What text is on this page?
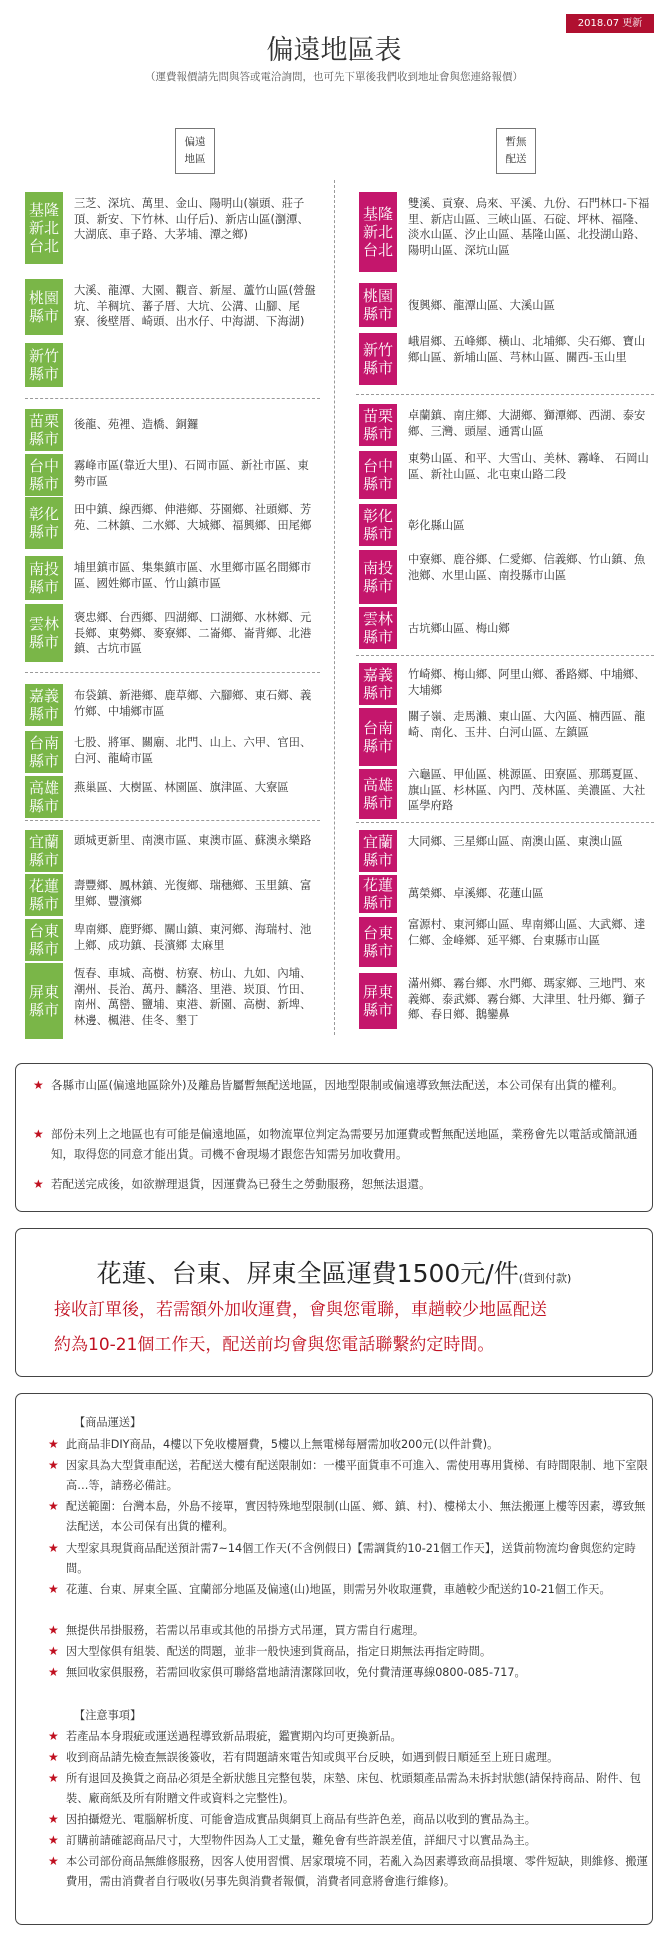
2018.07 更新
偏遠地區表
（運費報價請先問與答或電洽詢問，也可先下單後我們收到地址會與您連絡報價）
偏遠
地區
暫無
配送
基隆
新北
台北
三芝、深坑、萬里、金山、陽明山(嶺頭、莊子頂、新安、下竹林、山仔后)、新店山區(瀏潭、大湖底、車子路、大茅埔、潭之鄉)
桃園
縣市
大溪、龍潭、大園、觀音、新屋、蘆竹山區(營盤坑、羊稠坑、蕃子厝、大坑、公溝、山腳、尾寮、後壁厝、崎頭、出水仔、中海湖、下海湖)
新竹
縣市
苗栗
縣市
後龍、苑裡、造橋、銅鑼
台中
縣市
霧峰市區(靠近大里)、石岡市區、新社市區、東勢市區
彰化
縣市
田中鎮、線西鄉、伸港鄉、芬園鄉、社頭鄉、芳苑、二林鎮、二水鄉、大城鄉、福興鄉、田尾鄉
南投
縣市
埔里鎮市區、集集鎮市區、水里鄉市區名間鄉市區、國姓鄉市區、竹山鎮市區
雲林
縣市
褒忠鄉、台西鄉、四湖鄉、口湖鄉、水林鄉、元長鄉、東勢鄉、麥寮鄉、二崙鄉、崙背鄉、北港鎮、古坑市區
嘉義
縣市
布袋鎮、新港鄉、鹿草鄉、六腳鄉、東石鄉、義竹鄉、中埔鄉市區
台南
縣市
七股、將軍、關廟、北門、山上、六甲、官田、白河、龍崎市區
高雄
縣市
燕巢區、大樹區、林園區、旗津區、大寮區
宜蘭
縣市
頭城更新里、南澳市區、東澳市區、蘇澳永樂路
花蓮
縣市
壽豐鄉、鳳林鎮、光復鄉、瑞穗鄉、玉里鎮、富里鄉、豐濱鄉
台東
縣市
卑南鄉、鹿野鄉、關山鎮、東河鄉、海瑞村、池上鄉、成功鎮、長濱鄉 太麻里
屏東
縣市
恆春、車城、高樹、枋寮、枋山、九如、內埔、潮州、長治、萬丹、麟洛、里港、崁頂、竹田、南州、萬巒、鹽埔、東港、新園、高樹、新埤、林邊、楓港、佳冬、墾丁
基隆
新北
台北
雙溪、貢寮、烏來、平溪、九份、石門林口-下福里、新店山區、三峽山區、石碇、坪林、福隆、淡水山區、汐止山區、基隆山區、北投湖山路、陽明山區、深坑山區
桃園
縣市 復興鄉、龍潭山區、大溪山區
新竹
縣市
峨眉鄉、五峰鄉、橫山、北埔鄉、尖石鄉、寶山鄉山區、新埔山區、芎林山區、關西-玉山里
苗栗
縣市
卓蘭鎮、南庄鄉、大湖鄉、獅潭鄉、西湖、泰安鄉、三灣、頭屋、通霄山區
台中
縣市
東勢山區、和平、大雪山、美林、霧峰、 石岡山區、新社山區、北屯東山路二段
彰化
縣市 彰化縣山區
南投
縣市
中寮鄉、鹿谷鄉、仁愛鄉、信義鄉、竹山鎮、魚池鄉、水里山區、南投縣市山區
雲林
縣市 古坑鄉山區、梅山鄉
嘉義
縣市
竹崎鄉、梅山鄉、阿里山鄉、番路鄉、中埔鄉、大埔鄉
台南
縣市
關子嶺、走馬瀨、東山區、大內區、楠西區、龍崎、南化、玉井、白河山區、左鎮區
高雄
縣市
六龜區、甲仙區、桃源區、田寮區、那瑪夏區、旗山區、杉林區、內門、茂林區、美濃區、大社區學府路
宜蘭
縣市
大同鄉、三星鄉山區、南澳山區、東澳山區
花蓮
縣市
萬榮鄉、卓溪鄉、花蓮山區
台東
縣市
富源村、東河鄉山區、卑南鄉山區、大武鄉、達仁鄉、金峰鄉、延平鄉、台東縣市山區
屏東
縣市
滿州鄉、霧台鄉、水門鄉、瑪家鄉、三地門、來義鄉、泰武鄉、霧台鄉、大津里、牡丹鄉、獅子鄉、春日鄉、鵝鑾鼻
★ 各縣市山區(偏遠地區除外)及離島皆屬暫無配送地區，因地型限制或偏遠導致無法配送，本公司保有出貨的權利。
★ 部份未列上之地區也有可能是偏遠地區，如物流單位判定為需要另加運費或暫無配送地區，業務會先以電話或簡訊通知，取得您的同意才能出貨。司機不會現場才跟您告知需另加收費用。
★ 若配送完成後，如欲辦理退貨，因運費為已發生之勞動服務，恕無法退還。
花蓮、台東、屏東全區運費1500元/件(貨到付款)
接收訂單後，若需額外加收運費，會與您電聯，車趟較少地區配送
約為10-21個工作天，配送前均會與您電話聯繫約定時間。
【商品運送】
★ 此商品非DIY商品，4樓以下免收樓層費，5樓以上無電梯每層需加收200元(以件計費)。
★ 因家具為大型貨車配送，若配送大樓有配送限制如：一樓平面貨車不可進入、需使用專用貨梯、有時間限制、地下室限高…等，請務必備註。
★ 配送範圍：台灣本島，外島不接單，實因特殊地型限制(山區、鄉、鎮、村)、樓梯太小、無法搬運上樓等因素，導致無法配送，本公司保有出貨的權利。
★ 大型家具現貨商品配送預計需7~14個工作天(不含例假日)【需調貨約10-21個工作天】，送貨前物流均會與您約定時間。
★ 花蓮、台東、屏東全區、宜蘭部分地區及偏遠(山)地區，則需另外收取運費，車趟較少配送約10-21個工作天。
★ 無提供吊掛服務，若需以吊車或其他的吊掛方式吊運，買方需自行處理。
★ 因大型傢俱有組裝、配送的問題，並非一般快速到貨商品，指定日期無法再指定時間。
★ 無回收家俱服務，若需回收家俱可聯絡當地請清潔隊回收，免付費清運專線0800-085-717。
【注意事項】
★ 若產品本身瑕疵或運送過程導致新品瑕疵，鑑實期內均可更換新品。
★ 收到商品請先檢查無誤後簽收，若有問題請來電告知或與平台反映，如遇到假日順延至上班日處理。
★ 所有退回及換貨之商品必須是全新狀態且完整包裝，床墊、床包、枕頭類產品需為未拆封狀態(請保持商品、附件、包裝、廠商紙及所有附贈文件或資料之完整性)。
★ 因拍攝燈光、電腦解析度、可能會造成實品與網頁上商品有些許色差，商品以收到的實品為主。
★ 訂購前請確認商品尺寸，大型物件因為人工丈量，難免會有些許誤差值，詳細尺寸以實品為主。
★ 本公司部份商品無維修服務，因客人使用習慣、居家環境不同，若亂入為因素導致商品損壞、零件短缺，則維修、搬運費用，需由消費者自行吸收(另事先與消費者報價，消費者同意將會進行維修)。
